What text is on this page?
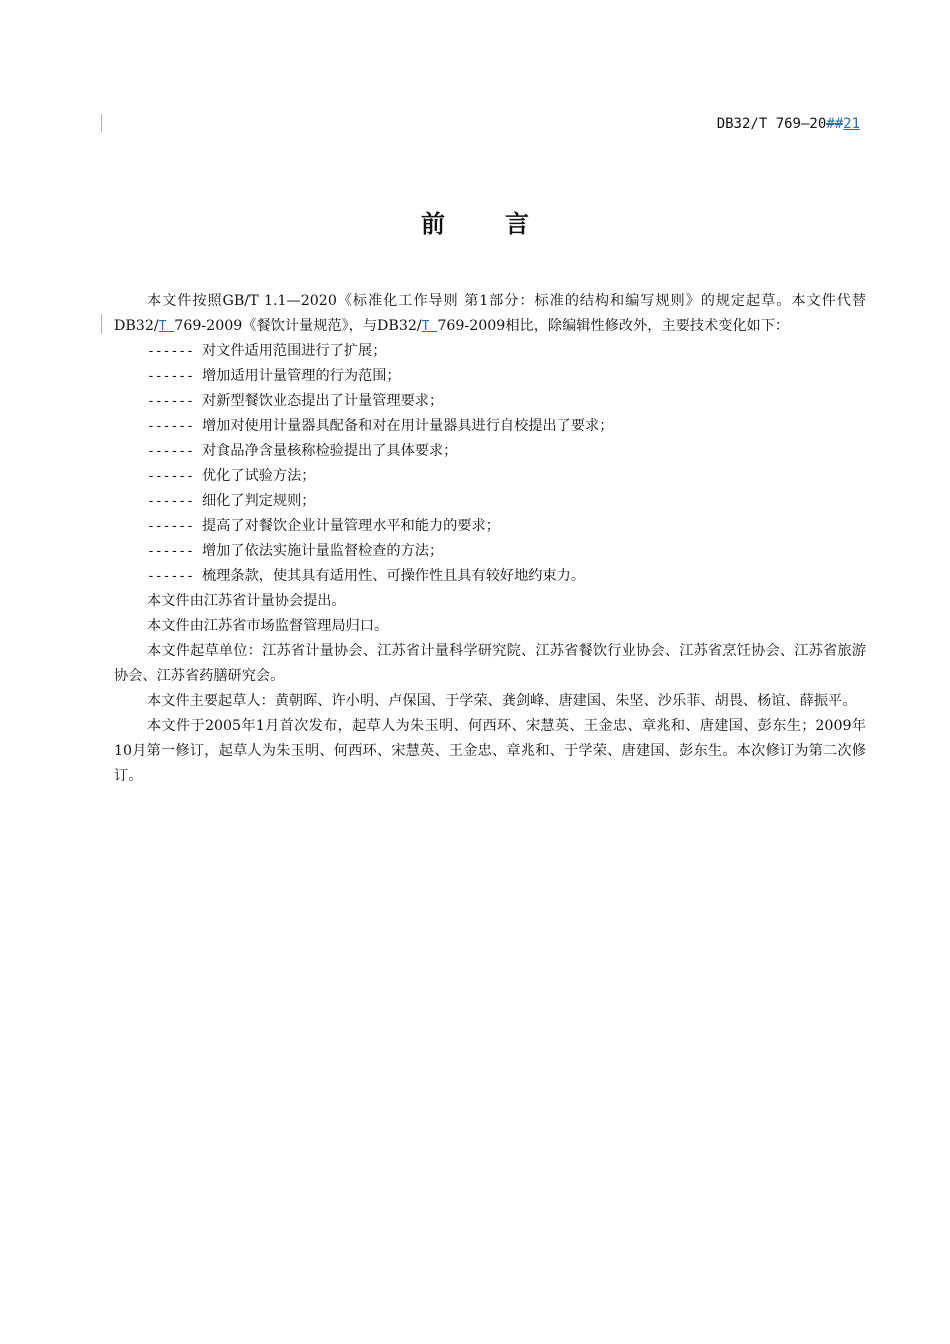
DB32/T 769—20##21
前言

本文件按照GB/T 1.1—2020《标准化工作导则 第1部分：标准的结构和编写规则》的规定起草。本文件代替DB32/T 769-2009《餐饮计量规范》，与DB32/T 769-2009相比，除编辑性修改外，主要技术变化如下：

------ 对文件适用范围进行了扩展；
------ 增加适用计量管理的行为范围；
------ 对新型餐饮业态提出了计量管理要求；
------ 增加对使用计量器具配备和对在用计量器具进行自校提出了要求；
------ 对食品净含量核称检验提出了具体要求；
------ 优化了试验方法；
------ 细化了判定规则；
------ 提高了对餐饮企业计量管理水平和能力的要求；
------ 增加了依法实施计量监督检查的方法；
------ 梳理条款，使其具有适用性、可操作性且具有较好地约束力。

本文件由江苏省计量协会提出。

本文件由江苏省市场监督管理局归口。

本文件起草单位：江苏省计量协会、江苏省计量科学研究院、江苏省餐饮行业协会、江苏省烹饪协会、江苏省旅游协会、江苏省药膳研究会。

本文件主要起草人：黄朝晖、许小明、卢保国、于学荣、龚剑峰、唐建国、朱坚、沙乐菲、胡畏、杨谊、薛振平。

本文件于2005年1月首次发布，起草人为朱玉明、何西环、宋慧英、王金忠、章兆和、唐建国、彭东生；2009年10月第一修订，起草人为朱玉明、何西环、宋慧英、王金忠、章兆和、于学荣、唐建国、彭东生。本次修订为第二次修订。
